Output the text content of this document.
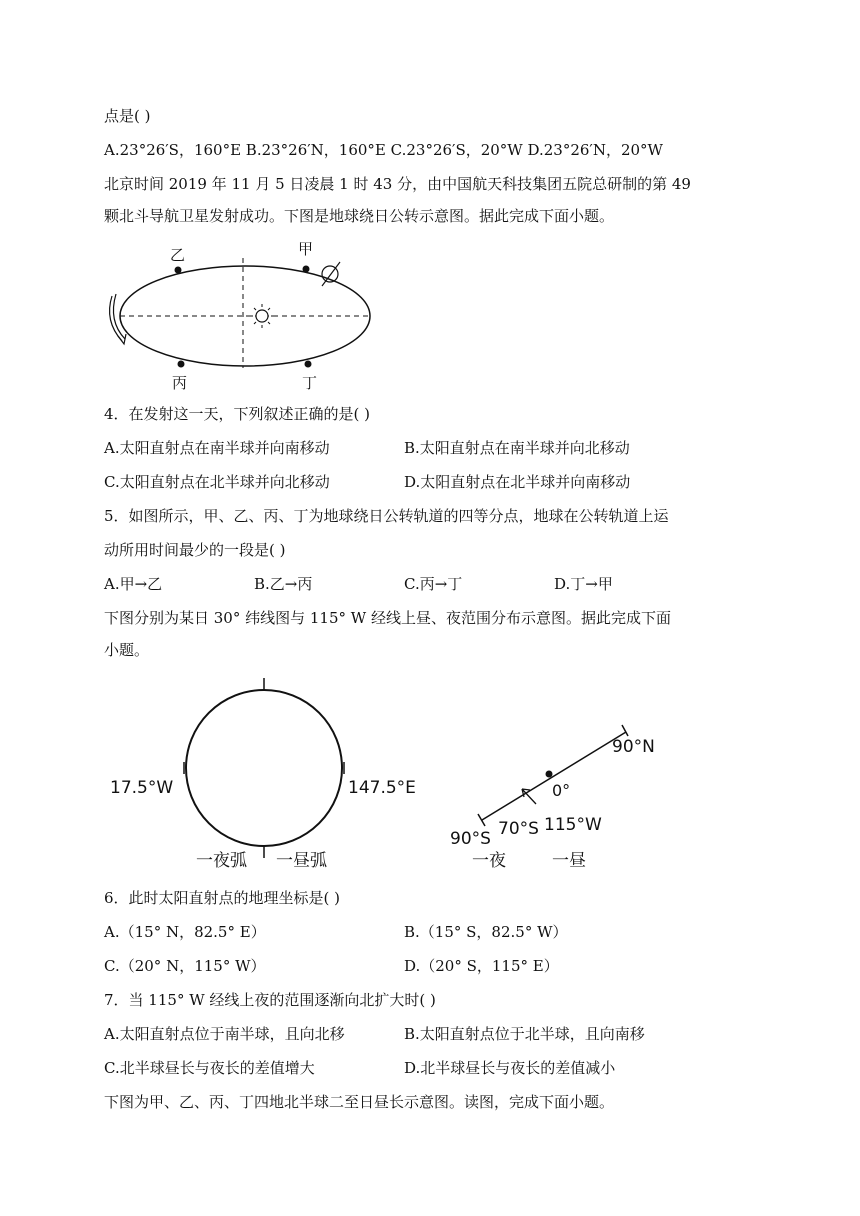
点是( )
A.23°26′S，160°E B.23°26′N，160°E C.23°26′S，20°W D.23°26′N，20°W
北京时间 2019 年 11 月 5 日凌晨 1 时 43 分，由中国航天科技集团五院总研制的第 49
颗北斗导航卫星发射成功。下图是地球绕日公转示意图。据此完成下面小题。
乙	甲
丙	丁
4．在发射这一天，下列叙述正确的是( )
A.太阳直射点在南半球并向南移动	B.太阳直射点在南半球并向北移动
C.太阳直射点在北半球并向北移动	D.太阳直射点在北半球并向南移动
5．如图所示，甲、乙、丙、丁为地球绕日公转轨道的四等分点，地球在公转轨道上运
动所用时间最少的一段是( )
A.甲→乙	B.乙→丙	C.丙→丁	D.丁→甲
下图分别为某日 30° 纬线图与 115° W 经线上昼、夜范围分布示意图。据此完成下面
小题。
17.5°W	147.5°E
一夜弧 一昼弧
90°N
0°
90°S 70°S 115°W
一夜	一昼
6．此时太阳直射点的地理坐标是( )
A.（15° N，82.5° E）	B.（15° S，82.5° W）
C.（20° N，115° W）	D.（20° S，115° E）
7．当 115° W 经线上夜的范围逐渐向北扩大时( )
A.太阳直射点位于南半球，且向北移	B.太阳直射点位于北半球，且向南移
C.北半球昼长与夜长的差值增大	D.北半球昼长与夜长的差值减小
下图为甲、乙、丙、丁四地北半球二至日昼长示意图。读图，完成下面小题。
